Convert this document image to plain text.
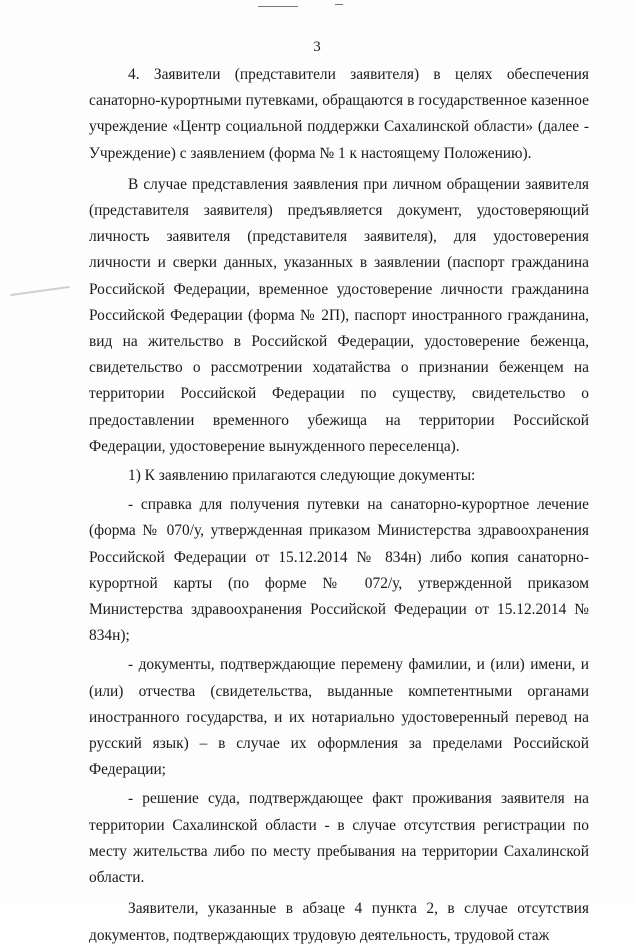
3

4. Заявители (представители заявителя) в целях обеспечения санаторно-курортными путевками, обращаются в государственное казенное учреждение «Центр социальной поддержки Сахалинской области» (далее - Учреждение) с заявлением (форма № 1 к настоящему Положению).

В случае представления заявления при личном обращении заявителя (представителя заявителя) предъявляется документ, удостоверяющий личность заявителя (представителя заявителя), для удостоверения личности и сверки данных, указанных в заявлении (паспорт гражданина Российской Федерации, временное удостоверение личности гражданина Российской Федерации (форма № 2П), паспорт иностранного гражданина, вид на жительство в Российской Федерации, удостоверение беженца, свидетельство о рассмотрении ходатайства о признании беженцем на территории Российской Федерации по существу, свидетельство о предоставлении временного убежища на территории Российской Федерации, удостоверение вынужденного переселенца).

1) К заявлению прилагаются следующие документы:

- справка для получения путевки на санаторно-курортное лечение (форма № 070/у, утвержденная приказом Министерства здравоохранения Российской Федерации от 15.12.2014 № 834н) либо копия санаторно-курортной карты (по форме № 072/у, утвержденной приказом Министерства здравоохранения Российской Федерации от 15.12.2014 № 834н);

- документы, подтверждающие перемену фамилии, и (или) имени, и (или) отчества (свидетельства, выданные компетентными органами иностранного государства, и их нотариально удостоверенный перевод на русский язык) – в случае их оформления за пределами Российской Федерации;

- решение суда, подтверждающее факт проживания заявителя на территории Сахалинской области - в случае отсутствия регистрации по месту жительства либо по месту пребывания на территории Сахалинской области.

Заявители, указанные в абзаце 4 пункта 2, в случае отсутствия документов, подтверждающих трудовую деятельность, трудовой стаж
